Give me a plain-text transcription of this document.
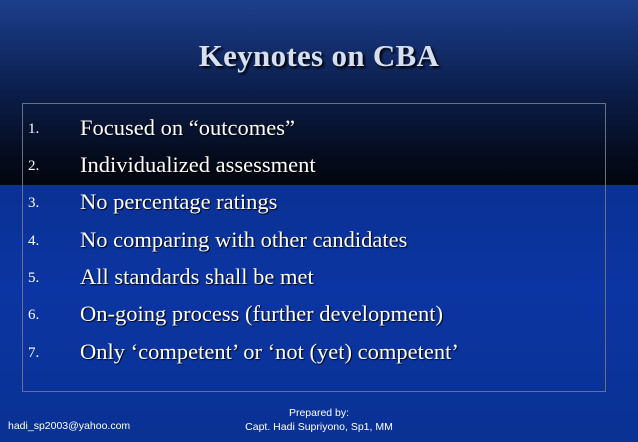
Keynotes on CBA
1. Focused on “outcomes”
2. Individualized assessment
3. No percentage ratings
4. No comparing with other candidates
5. All standards shall be met
6. On-going process (further development)
7. Only ‘competent’ or ‘not (yet) competent’
hadi_sp2003@yahoo.com
Prepared by:
Capt. Hadi Supriyono, Sp1, MM
